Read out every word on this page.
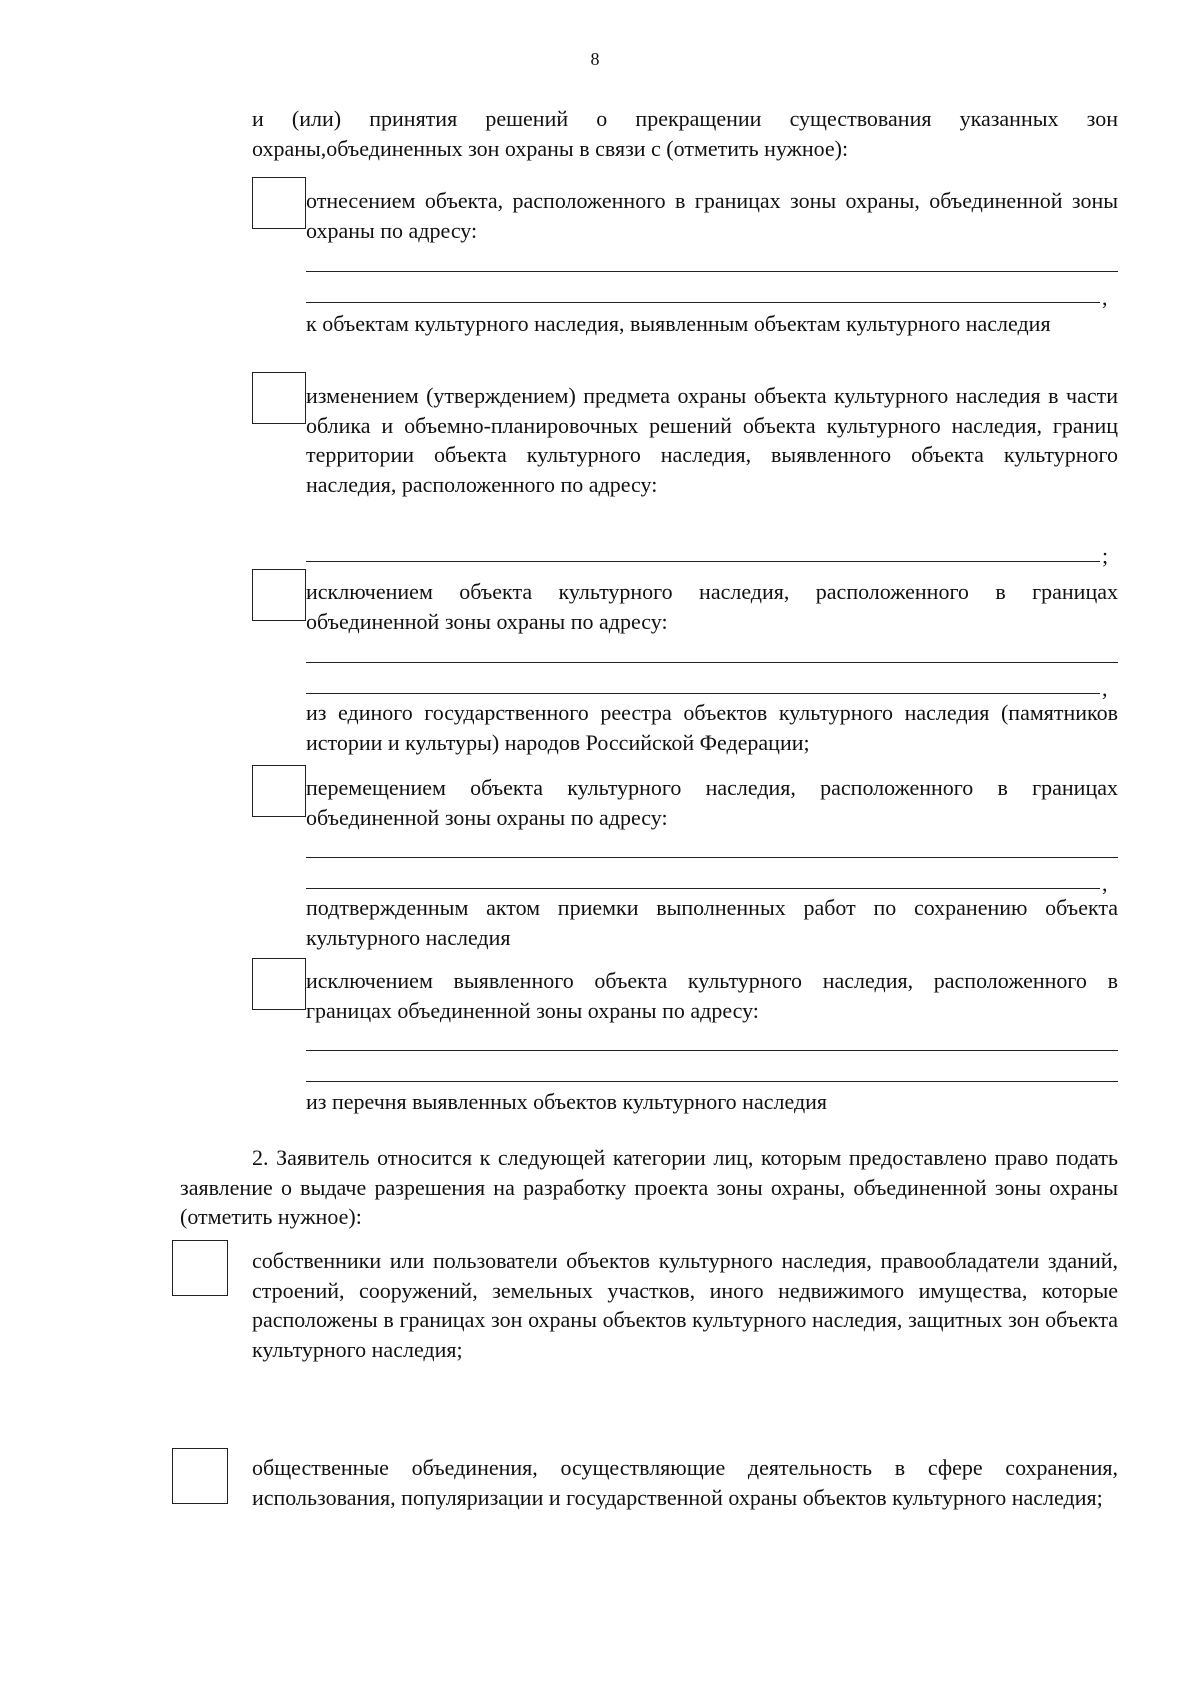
8
и (или) принятия решений о прекращении существования указанных зон охраны,объединенных зон охраны в связи с (отметить нужное):
отнесением объекта, расположенного в границах зоны охраны, объединенной зоны охраны по адресу:
,
к объектам культурного наследия, выявленным объектам культурного наследия
изменением (утверждением) предмета охраны объекта культурного наследия в части облика и объемно-планировочных решений объекта культурного наследия, границ территории объекта культурного наследия, выявленного объекта культурного наследия, расположенного по адресу:
;
исключением объекта культурного наследия, расположенного в границах объединенной зоны охраны по адресу:
,
из единого государственного реестра объектов культурного наследия (памятников истории и культуры) народов Российской Федерации;
перемещением объекта культурного наследия, расположенного в границах объединенной зоны охраны по адресу:
,
подтвержденным актом приемки выполненных работ по сохранению объекта культурного наследия
исключением выявленного объекта культурного наследия, расположенного в границах объединенной зоны охраны по адресу:
из перечня выявленных объектов культурного наследия
2. Заявитель относится к следующей категории лиц, которым предоставлено право подать заявление о выдаче разрешения на разработку проекта зоны охраны, объединенной зоны охраны (отметить нужное):
собственники или пользователи объектов культурного наследия, правообладатели зданий, строений, сооружений, земельных участков, иного недвижимого имущества, которые расположены в границах зон охраны объектов культурного наследия, защитных зон объекта культурного наследия;
общественные объединения, осуществляющие деятельность в сфере сохранения, использования, популяризации и государственной охраны объектов культурного наследия;
